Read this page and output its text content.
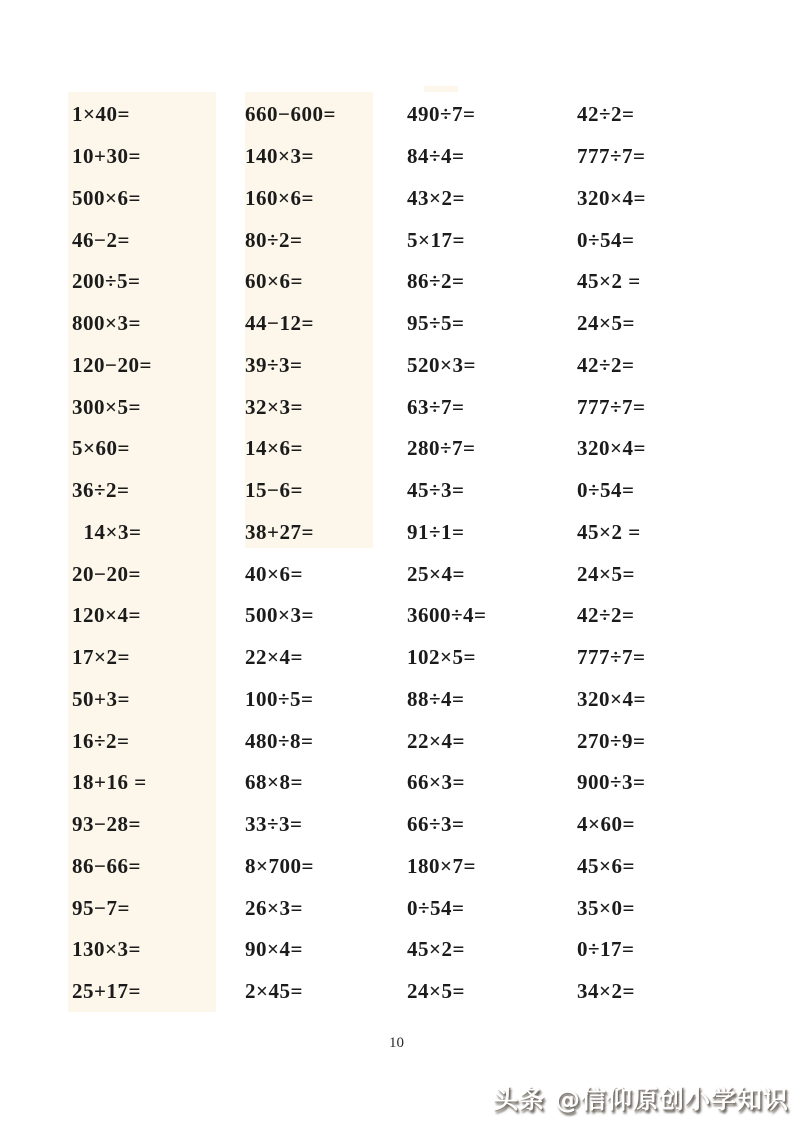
1×40=	660−600=	490÷7=	42÷2=
10+30=	140×3=	84÷4=	777÷7=
500×6=	160×6=	43×2=	320×4=
46−2=	80÷2=	5×17=	0÷54=
200÷5=	60×6=	86÷2=	45×2 =
800×3=	44−12=	95÷5=	24×5=
120−20=	39÷3=	520×3=	42÷2=
300×5=	32×3=	63÷7=	777÷7=
5×60=	14×6=	280÷7=	320×4=
36÷2=	15−6=	45÷3=	0÷54=
14×3=	38+27=	91÷1=	45×2 =
20−20=	40×6=	25×4=	24×5=
120×4=	500×3=	3600÷4=	42÷2=
17×2=	22×4=	102×5=	777÷7=
50+3=	100÷5=	88÷4=	320×4=
16÷2=	480÷8=	22×4=	270÷9=
18+16 =	68×8=	66×3=	900÷3=
93−28=	33÷3=	66÷3=	4×60=
86−66=	8×700=	180×7=	45×6=
95−7=	26×3=	0÷54=	35×0=
130×3=	90×4=	45×2=	0÷17=
25+17=	2×45=	24×5=	34×2=
10
头条 @信仰原创小学知识
